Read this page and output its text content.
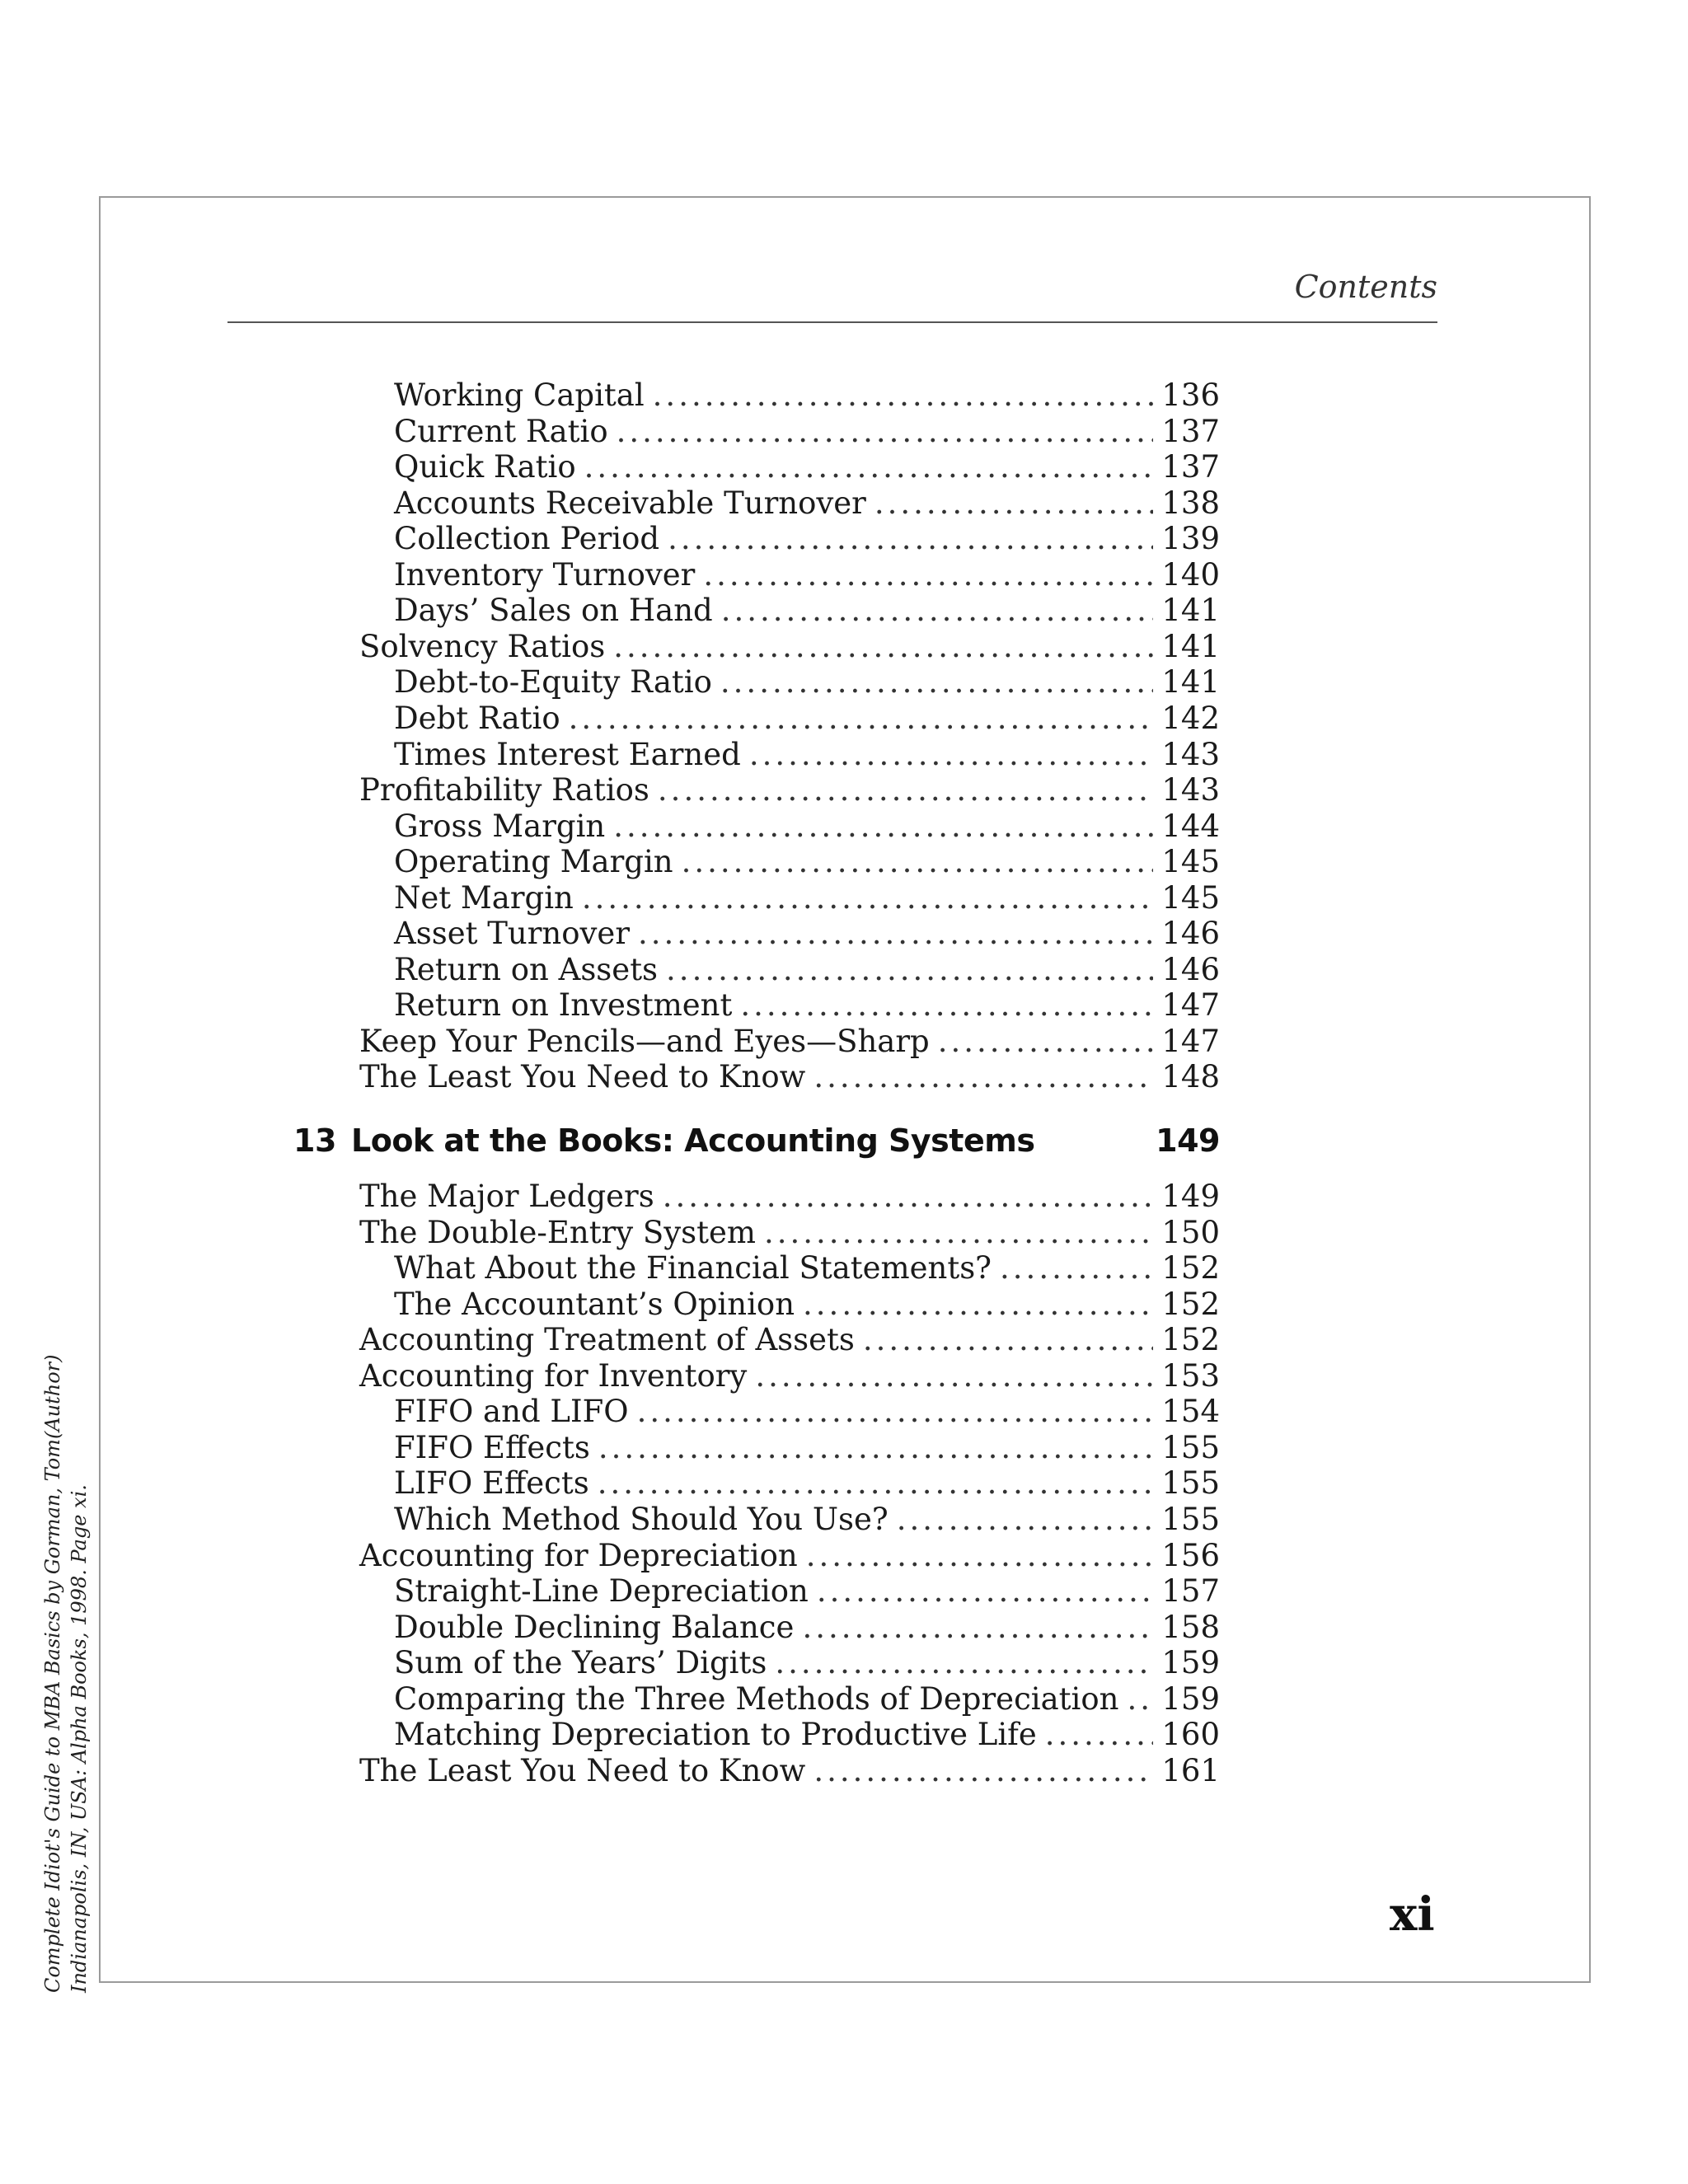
Contents
Working Capital .....	136
Current Ratio .....	137
Quick Ratio .....	137
Accounts Receivable Turnover .....	138
Collection Period .....	139
Inventory Turnover .....	140
Days’ Sales on Hand .....	141
Solvency Ratios .....	141
Debt-to-Equity Ratio .....	141
Debt Ratio .....	142
Times Interest Earned .....	143
Profitability Ratios .....	143
Gross Margin .....	144
Operating Margin .....	145
Net Margin .....	145
Asset Turnover .....	146
Return on Assets .....	146
Return on Investment .....	147
Keep Your Pencils—and Eyes—Sharp .....	147
The Least You Need to Know .....	148
13 Look at the Books: Accounting Systems	149
The Major Ledgers .....	149
The Double-Entry System .....	150
What About the Financial Statements? .....	152
The Accountant’s Opinion .....	152
Accounting Treatment of Assets .....	152
Accounting for Inventory .....	153
FIFO and LIFO .....	154
FIFO Effects .....	155
LIFO Effects .....	155
Which Method Should You Use? .....	155
Accounting for Depreciation .....	156
Straight-Line Depreciation .....	157
Double Declining Balance .....	158
Sum of the Years’ Digits .....	159
Comparing the Three Methods of Depreciation ..... 159
Matching Depreciation to Productive Life .....	160
The Least You Need to Know .....	161
xi
Complete Idiot's Guide to MBA Basics by Gorman, Tom(Author) Indianapolis, IN, USA: Alpha Books, 1998. Page xi.
